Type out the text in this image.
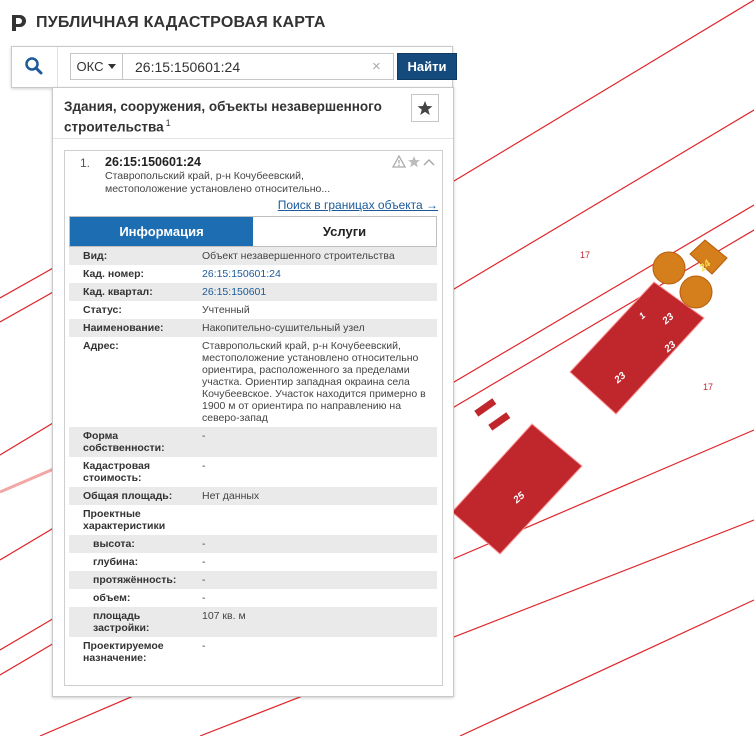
17
17
1 23
23
23
25
24
ПУБЛИЧНАЯ КАДАСТРОВАЯ КАРТА
ОКС
26:15:150601:24	×	Найти
Здания, сооружения, объекты незавершенного строительства $^1$
1. 26:15:150601:24
Ставропольский край, р-н Кочубеевский, местоположение установлено относительно...
Поиск в границах объекта →
Информация	Услуги
Вид:	Объект незавершенного строительства
Кад. номер:	26:15:150601:24
Кад. квартал:	26:15:150601
Статус:	Учтенный
Наименование:	Накопительно-сушительный узел
Адрес:	Ставропольский край, р-н Кочубеевский, местоположение установлено относительно ориентира, расположенного за пределами участка. Ориентир западная окраина села Кочубеевское. Участок находится примерно в 1900 м от ориентира по направлению на северо-запад
Форма собственности:	-
Кадастровая стоимость:	-
Общая площадь:	Нет данных
Проектные характеристики	
высота:	-
глубина:	-
протяжённость:	-
объем:	-
площадь застройки:	107 кв. м
Проектируемое назначение:	-
